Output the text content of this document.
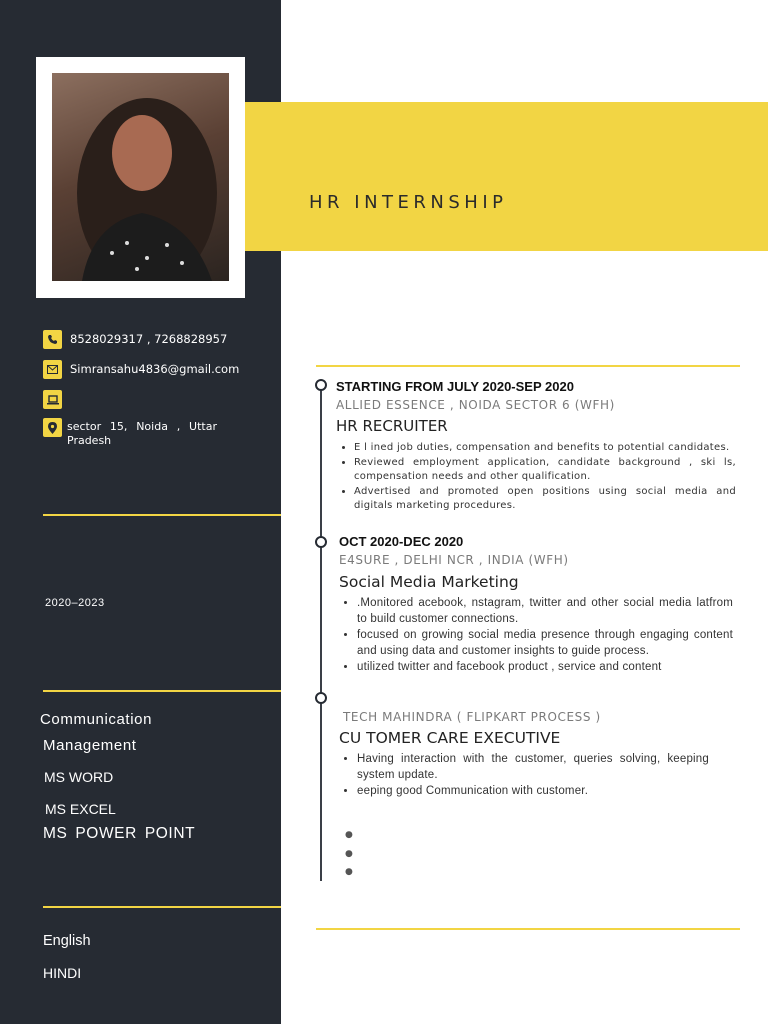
8528029317 , 7268828957
Simransahu4836@gmail.com
sector 15, Noida , Uttar Pradesh
2020–2023
Communication
Management
MS WORD
MS EXCEL
MS POWER POINT
English
HINDI
HR INTERNSHIP
STARTING FROM JULY 2020-SEP 2020
ALLIED ESSENCE , NOIDA SECTOR 6 (WFH)
HR RECRUITER
• E l ined job duties, compensation and benefits to potential candidates.
• Reviewed employment application, candidate background , ski ls, compensation needs and other qualification.
• Advertised and promoted open positions using social media and digitals marketing procedures.
OCT 2020-DEC 2020
E4SURE , DELHI NCR , INDIA (WFH)
Social Media Marketing
• .Monitored acebook, nstagram, twitter and other social media latfrom to build customer connections.
• focused on growing social media presence through engaging content and using data and customer insights to guide process.
• utilized twitter and facebook product , service and content
TECH MAHINDRA ( FLIPKART PROCESS )
CU TOMER CARE EXECUTIVE
• Having interaction with the customer, queries solving, keeping system update.
• eeping good Communication with customer.
●
●
●
